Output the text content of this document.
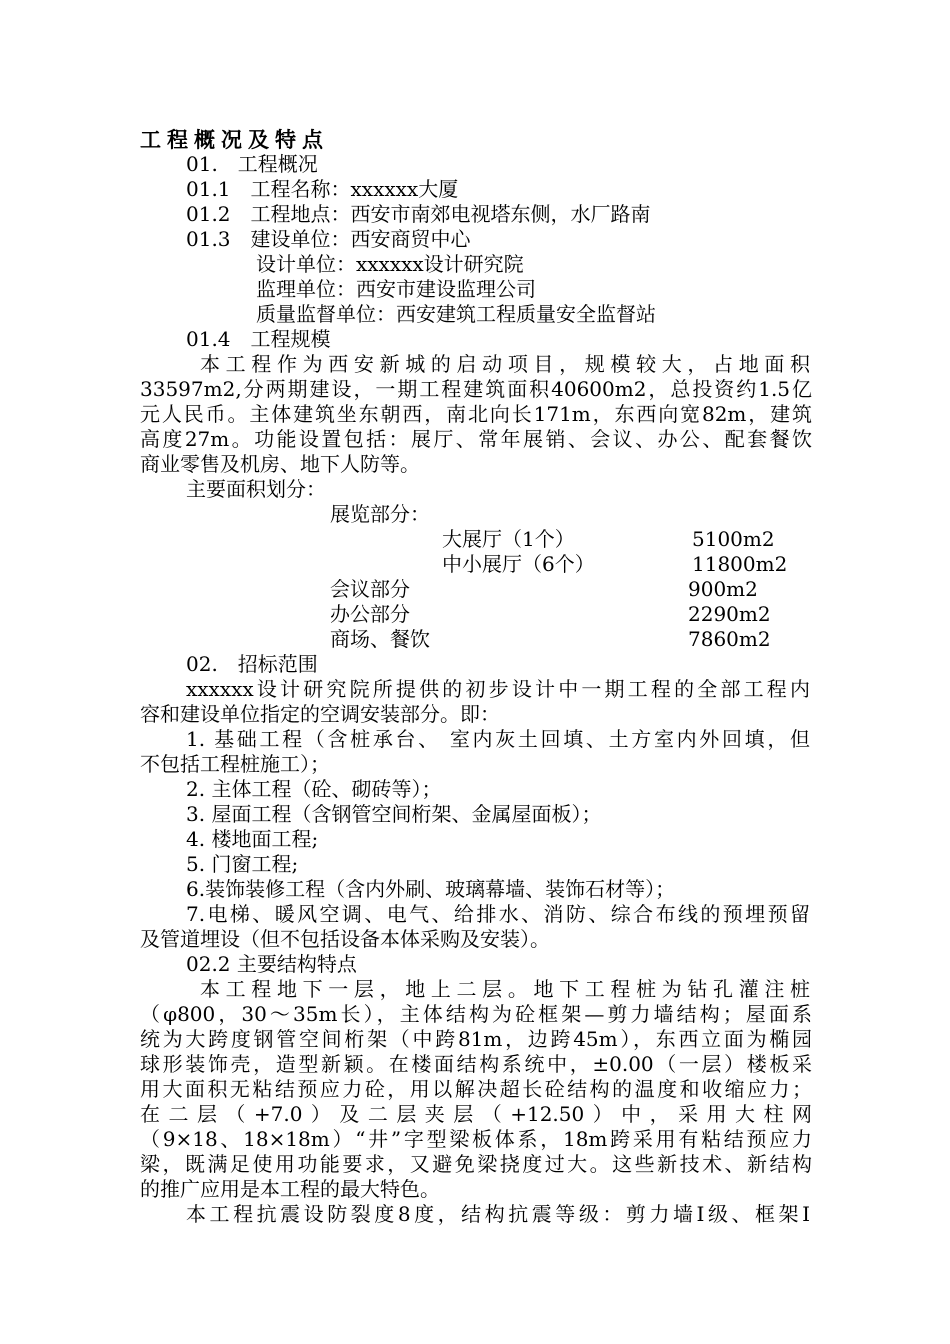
工程概况及特点
01.　工程概况
01.1　工程名称：xxxxxx大厦
01.2　工程地点：西安市南郊电视塔东侧，水厂路南
01.3　建设单位：西安商贸中心
设计单位：xxxxxx设计研究院
监理单位：西安市建设监理公司
质量监督单位：西安建筑工程质量安全监督站
01.4　工程规模
本工程作为西安新城的启动项目，规模较大，占地面积
33597m2,分两期建设，一期工程建筑面积40600m2，总投资约1.5亿
元人民币。主体建筑坐东朝西，南北向长171m，东西向宽82m，建筑
高度27m。功能设置包括：展厅、常年展销、会议、办公、配套餐饮
商业零售及机房、地下人防等。
主要面积划分：
展览部分：
大展厅（1个）	5100m2
中小展厅（6个）	11800m2
会议部分	900m2
办公部分	2290m2
商场、餐饮	7860m2
02.　招标范围
xxxxxx设计研究院所提供的初步设计中一期工程的全部工程内
容和建设单位指定的空调安装部分。即：
1. 基础工程（含桩承台、 室内灰土回填、土方室内外回填，但
不包括工程桩施工）；
2. 主体工程（砼、砌砖等）；
3. 屋面工程（含钢管空间桁架、金属屋面板）；
4. 楼地面工程;
5. 门窗工程;
6.装饰装修工程（含内外刷、玻璃幕墙、装饰石材等）；
7.电梯、暖风空调、电气、给排水、消防、综合布线的预埋预留
及管道埋设（但不包括设备本体采购及安装）。
02.2 主要结构特点
本工程地下一层，地上二层。地下工程桩为钻孔灌注桩
（φ800，30～35m长），主体结构为砼框架—剪力墙结构；屋面系
统为大跨度钢管空间桁架（中跨81m，边跨45m），东西立面为椭园
球形装饰壳，造型新颖。在楼面结构系统中，±0.00（一层）楼板采
用大面积无粘结预应力砼，用以解决超长砼结构的温度和收缩应力；
在二层（+7.0）及二层夹层（+12.50）中，采用大柱网
（9×18、18×18m）“井”字型梁板体系，18m跨采用有粘结预应力
梁，既满足使用功能要求，又避免梁挠度过大。这些新技术、新结构
的推广应用是本工程的最大特色。
本工程抗震设防裂度8度，结构抗震等级：剪力墙Ⅰ级、框架Ⅰ
